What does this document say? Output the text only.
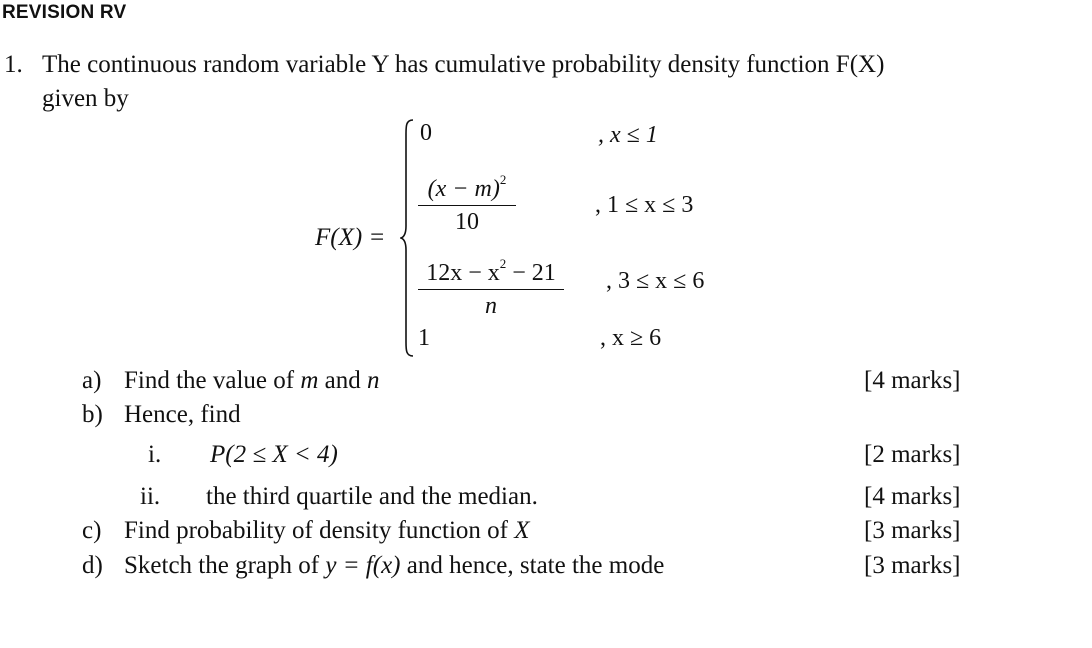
REVISION RV
1. The continuous random variable Y has cumulative probability density function F(X)
given by
F(X) =
0	, x ≤ 1
$(x - m)^2$
10
, 1 ≤ x ≤ 3
$12x - x^2 - 21$
n
, 3 ≤ x ≤ 6
1	, x ≥ 6
a) Find the value of m and n	[4 marks]
b) Hence, find
i. P(2 ≤ X < 4)	[2 marks]
ii. the third quartile and the median.	[4 marks]
c) Find probability of density function of X	[3 marks]
d) Sketch the graph of y = f(x) and hence, state the mode	[3 marks]
